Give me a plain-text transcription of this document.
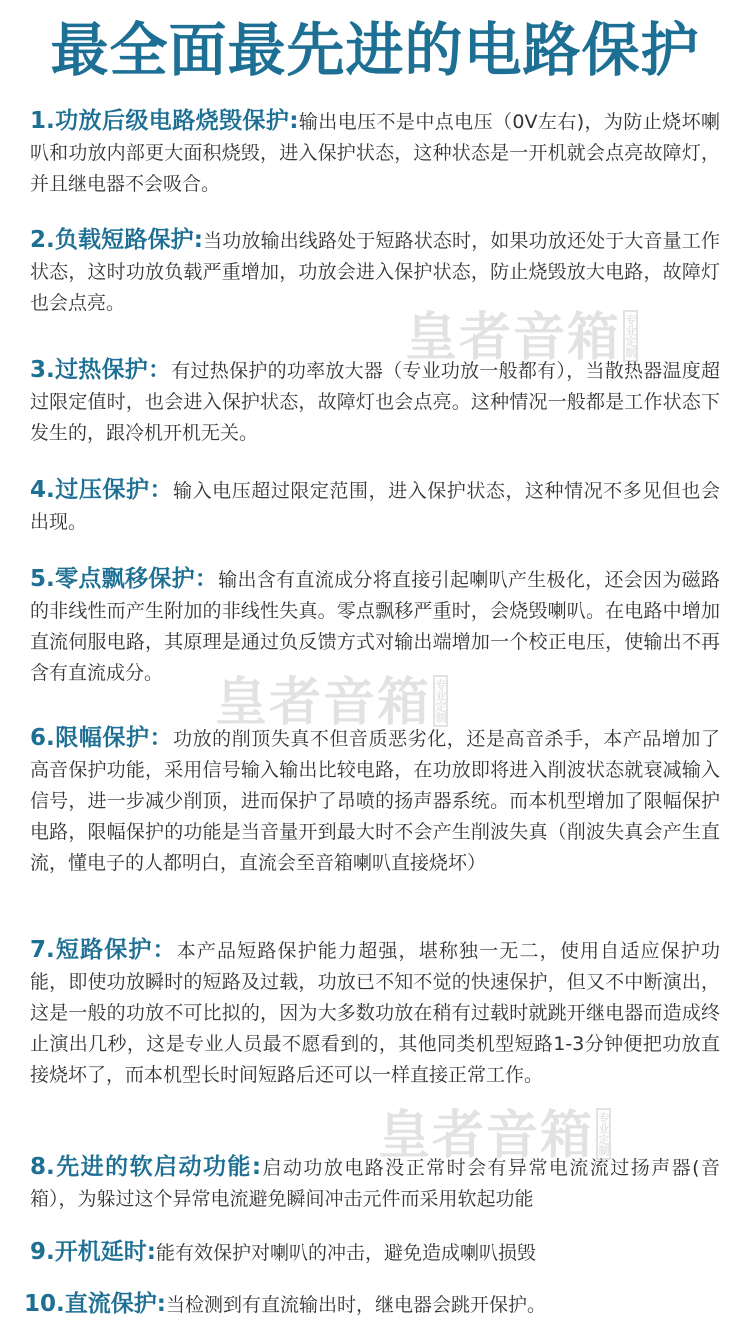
最全面最先进的电路保护
1.功放后级电路烧毁保护:输出电压不是中点电压（0V左右)，为防止烧坏喇叭和功放内部更大面积烧毁，进入保护状态，这种状态是一开机就会点亮故障灯，并且继电器不会吸合。
2.负载短路保护:当功放输出线路处于短路状态时，如果功放还处于大音量工作状态，这时功放负载严重增加，功放会进入保护状态，防止烧毁放大电路，故障灯也会点亮。
3.过热保护：有过热保护的功率放大器（专业功放一般都有），当散热器温度超过限定值时，也会进入保护状态，故障灯也会点亮。这种情况一般都是工作状态下发生的，跟冷机开机无关。
4.过压保护：输入电压超过限定范围，进入保护状态，这种情况不多见但也会出现。
5.零点飘移保护：输出含有直流成分将直接引起喇叭产生极化，还会因为磁路的非线性而产生附加的非线性失真。零点飘移严重时，会烧毁喇叭。在电路中增加直流伺服电路，其原理是通过负反馈方式对输出端增加一个校正电压，使输出不再含有直流成分。
6.限幅保护：功放的削顶失真不但音质恶劣化，还是高音杀手，本产品增加了高音保护功能，采用信号输入输出比较电路，在功放即将进入削波状态就衰减输入信号，进一步减少削顶，进而保护了昂喷的扬声器系统。而本机型增加了限幅保护电路，限幅保护的功能是当音量开到最大时不会产生削波失真（削波失真会产生直流，懂电子的人都明白，直流会至音箱喇叭直接烧坏）
7.短路保护：本产品短路保护能力超强，堪称独一无二，使用自适应保护功能，即使功放瞬时的短路及过载，功放已不知不觉的快速保护，但又不中断演出，这是一般的功放不可比拟的，因为大多数功放在稍有过载时就跳开继电器而造成终止演出几秒，这是专业人员最不愿看到的，其他同类机型短路1-3分钟便把功放直接烧坏了，而本机型长时间短路后还可以一样直接正常工作。
8.先进的软启动功能:启动功放电路没正常时会有异常电流流过扬声器(音箱），为躲过这个异常电流避免瞬间冲击元件而采用软起功能
9.开机延时:能有效保护对喇叭的冲击，避免造成喇叭损毁
10.直流保护:当检测到有直流输出时，继电器会跳开保护。
皇者音箱 专业定制
皇者音箱 专业定制
皇者音箱 专业定制
